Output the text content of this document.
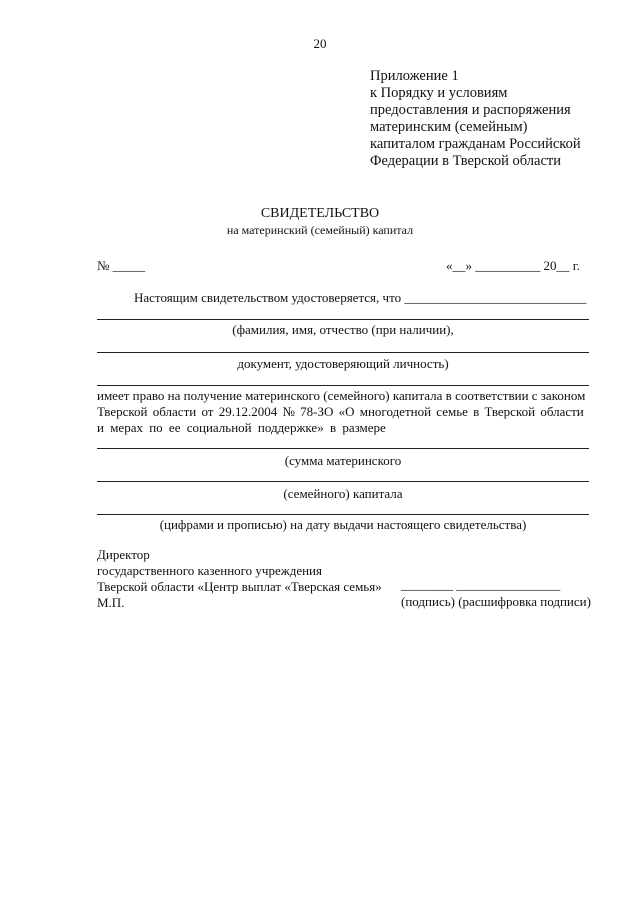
20
Приложение 1
к Порядку и условиям
предоставления и распоряжения
материнским (семейным)
капиталом гражданам Российской
Федерации в Тверской области
СВИДЕТЕЛЬСТВО
на материнский (семейный) капитал
№ _____	«__» __________ 20__ г.
Настоящим свидетельством удостоверяется, что ____________________________
(фамилия, имя, отчество (при наличии),
документ, удостоверяющий личность)
имеет право на получение материнского (семейного) капитала в соответствии с законом
Тверской области от 29.12.2004 № 78-ЗО «О многодетной семье в Тверской области
и мерах по ее социальной поддержке» в размере
(сумма материнского
(семейного) капитала
(цифрами и прописью) на дату выдачи настоящего свидетельства)
Директор
государственного казенного учреждения
Тверской области «Центр выплат «Тверская семья»
М.П.
________ ________________
(подпись) (расшифровка подписи)
